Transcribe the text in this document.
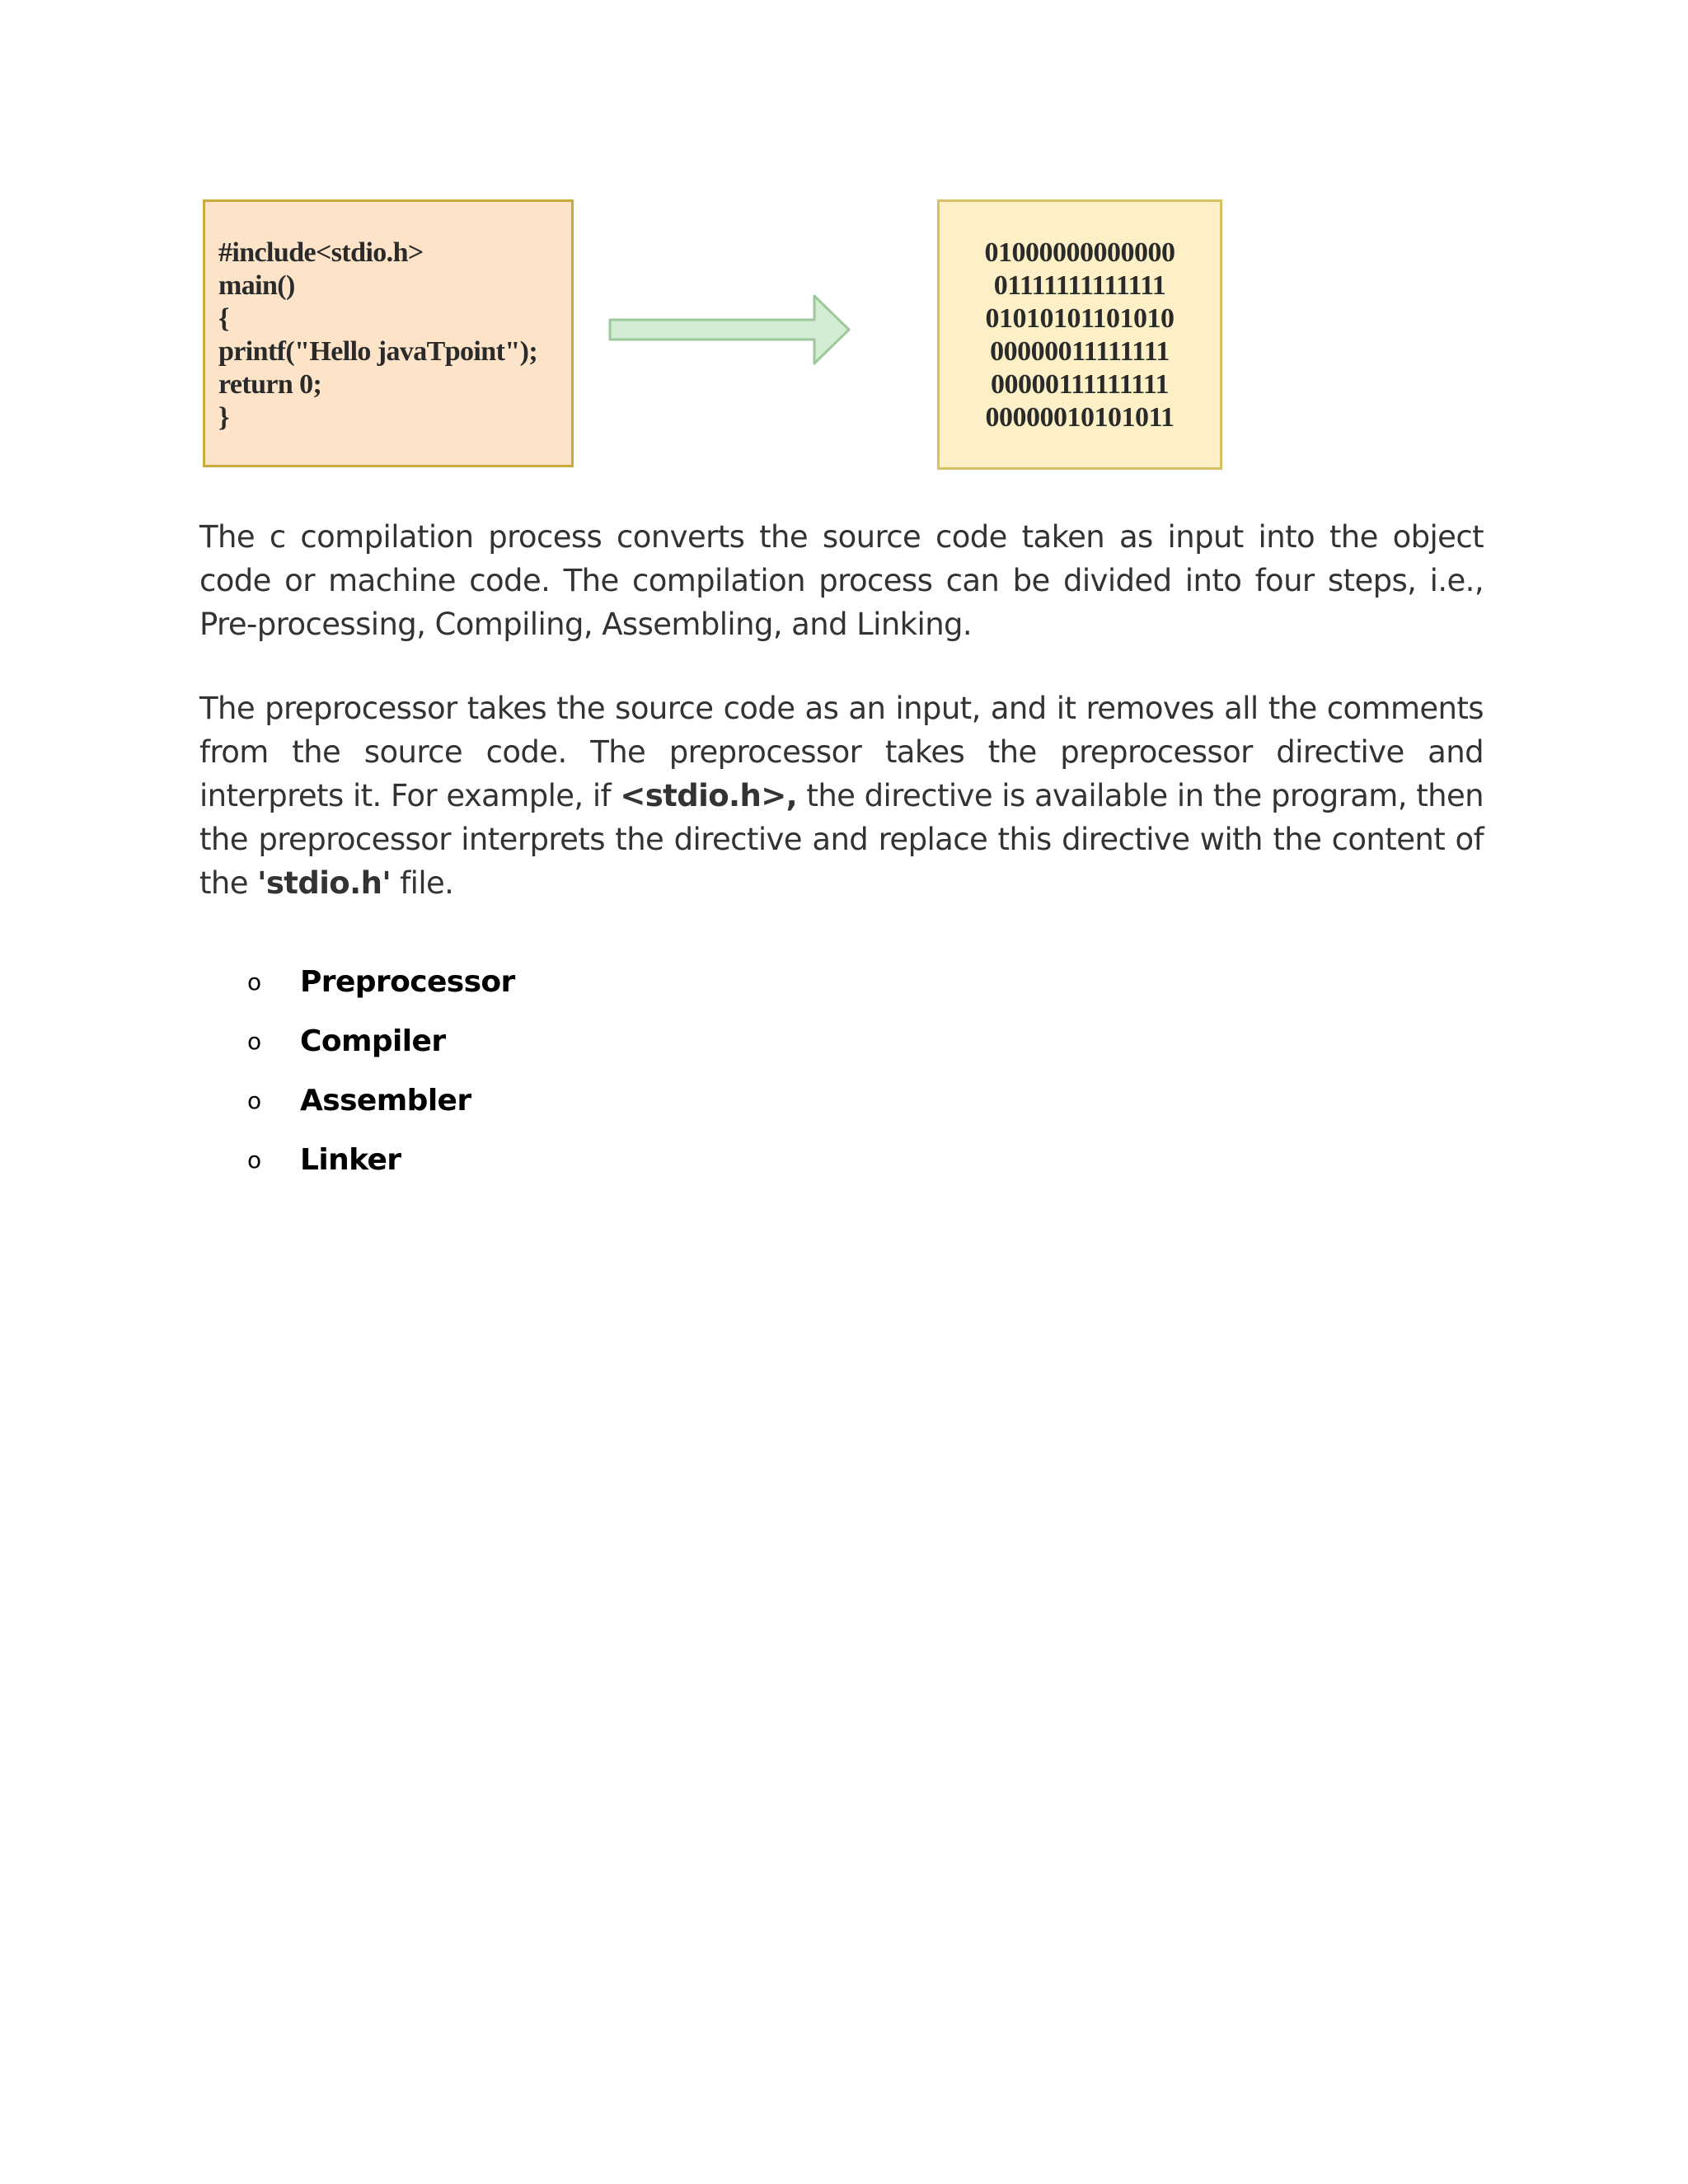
#include<stdio.h>
main()
{
printf("Hello javaTpoint");
return 0;
}
01000000000000
01111111111111
01010101101010
00000011111111
00000111111111
00000010101011

The c compilation process converts the source code taken as input into the object code or machine code. The compilation process can be divided into four steps, i.e., Pre-processing, Compiling, Assembling, and Linking.

The preprocessor takes the source code as an input, and it removes all the comments from the source code. The preprocessor takes the preprocessor directive and interprets it. For example, if <stdio.h>, the directive is available in the program, then the preprocessor interprets the directive and replace this directive with the content of the 'stdio.h' file.

o	Preprocessor
o	Compiler
o	Assembler
o	Linker
